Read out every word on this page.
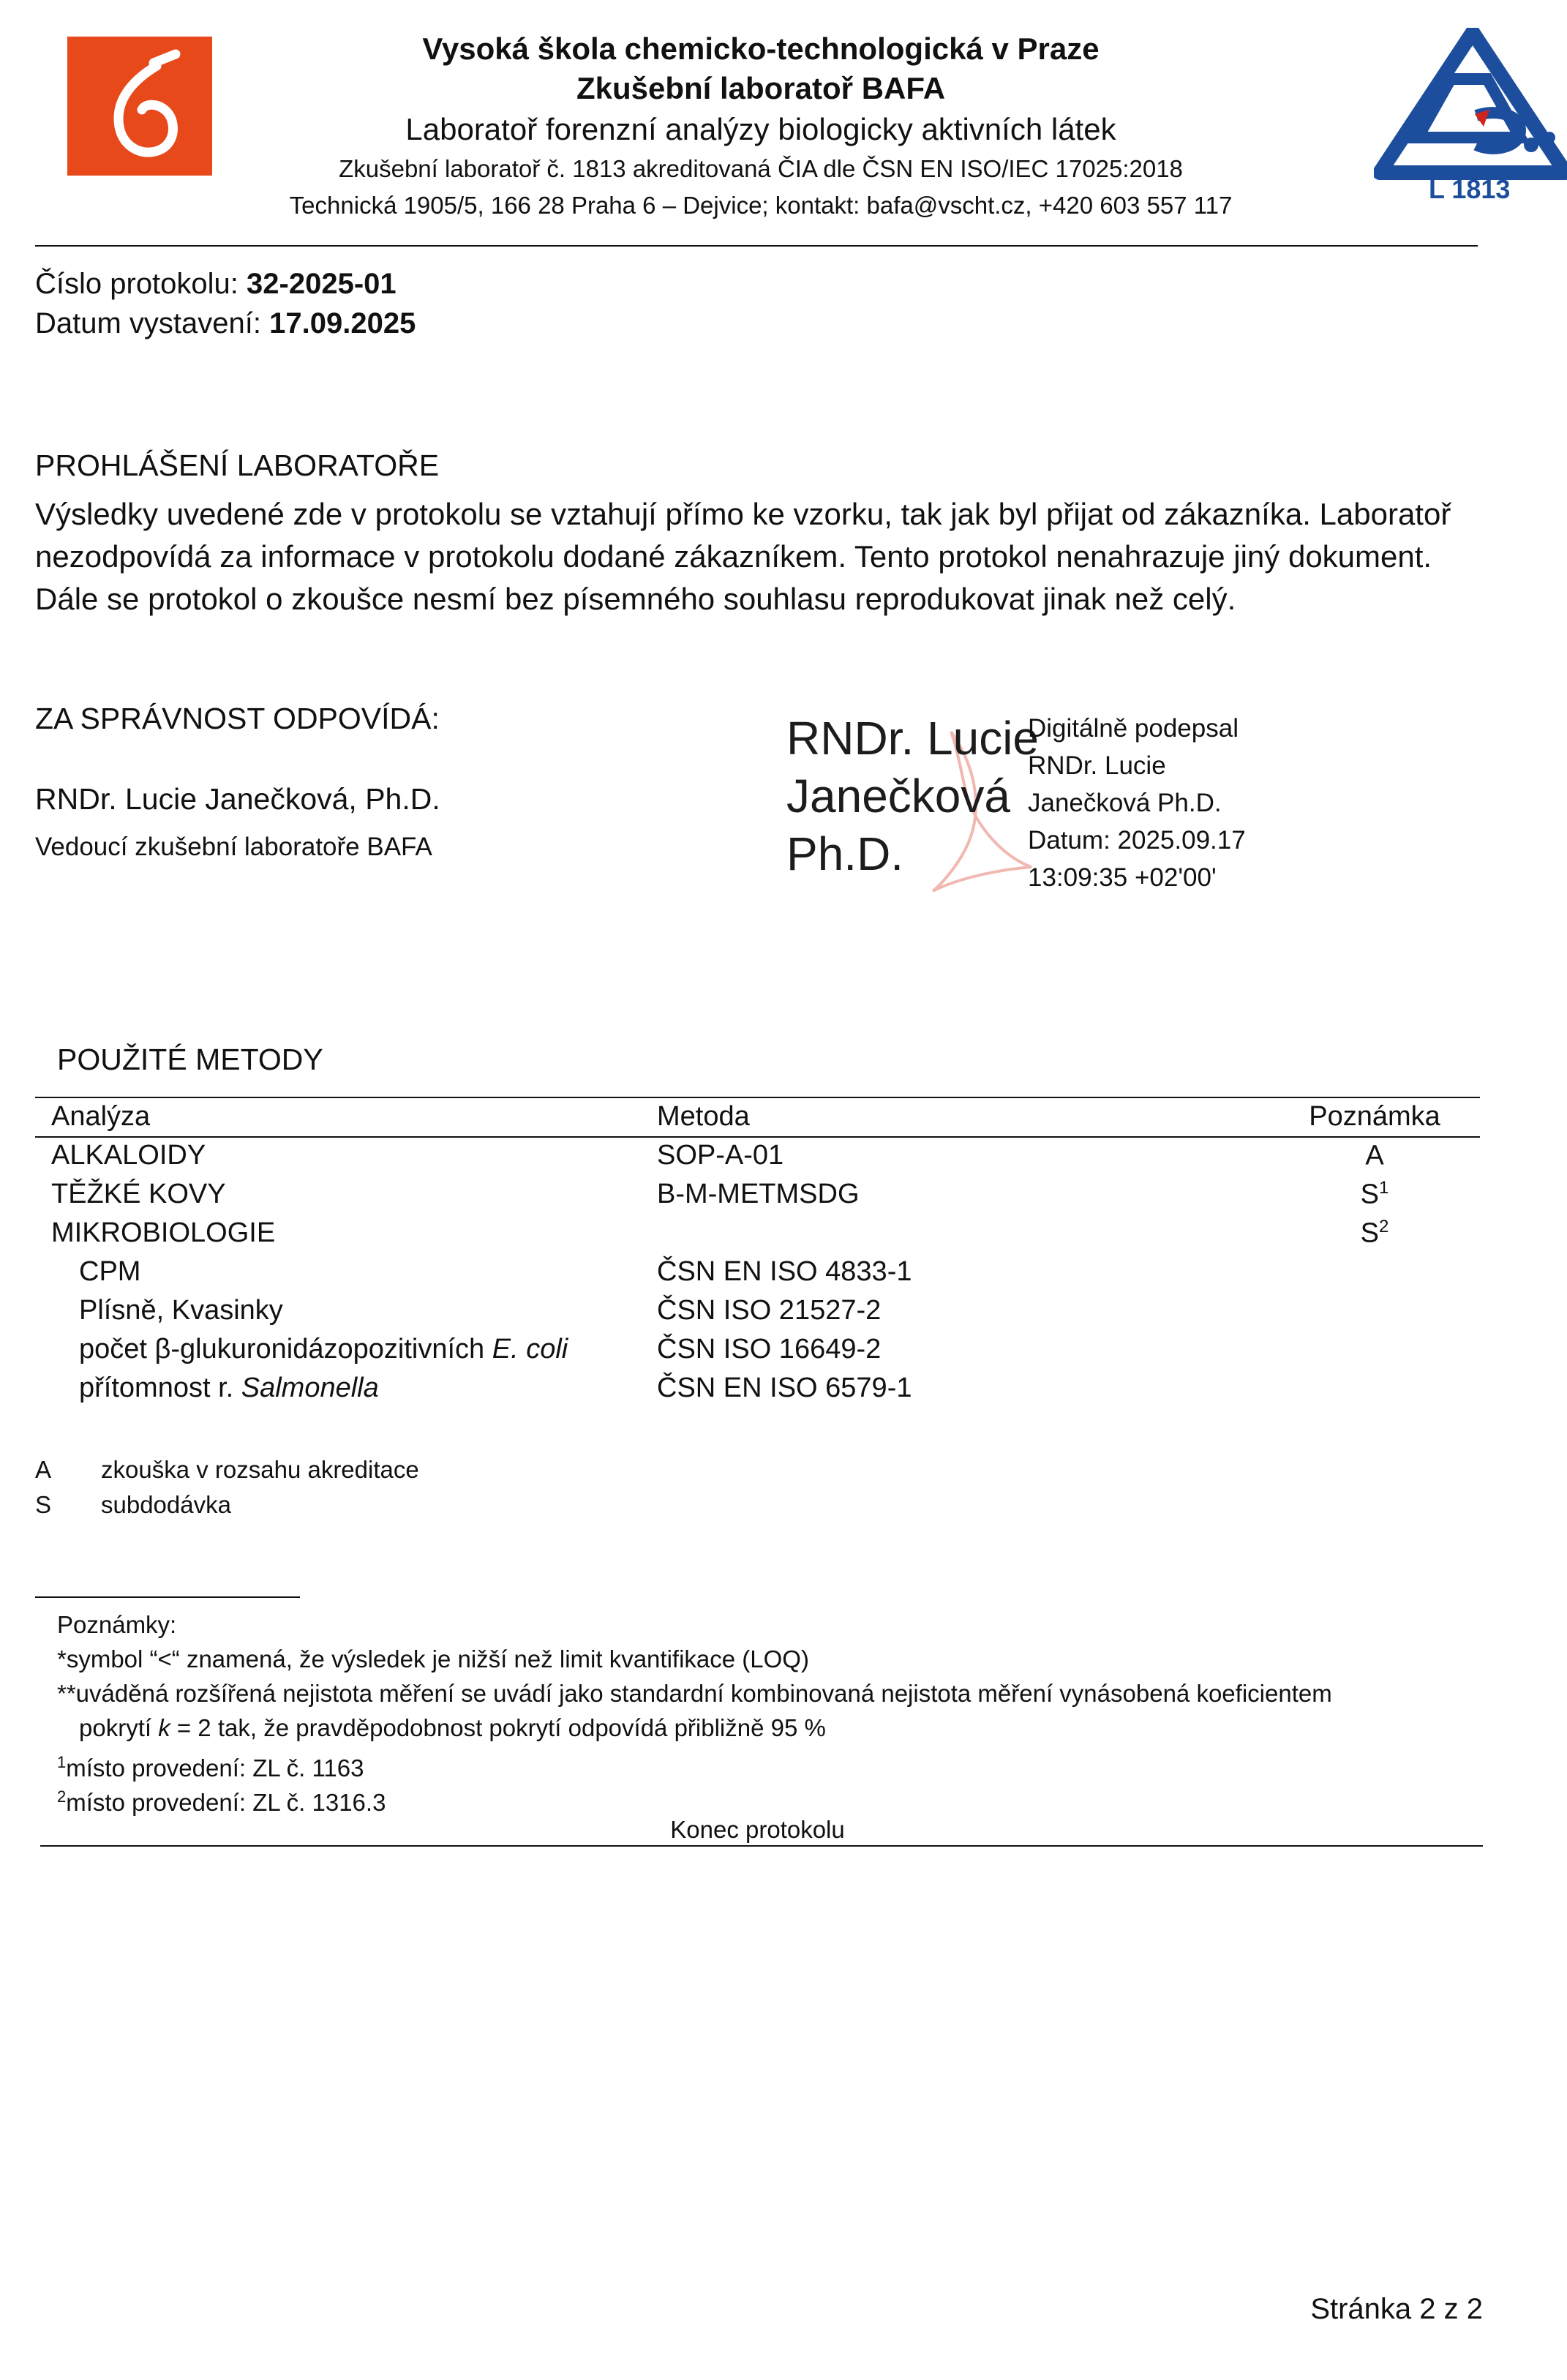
Vysoká škola chemicko-technologická v Praze
Zkušební laboratoř BAFA
Laboratoř forenzní analýzy biologicky aktivních látek
Zkušební laboratoř č. 1813 akreditovaná ČIA dle ČSN EN ISO/IEC 17025:2018
Technická 1905/5, 166 28 Praha 6 – Dejvice; kontakt: bafa@vscht.cz, +420 603 557 117
L 1813
Číslo protokolu: 32-2025-01
Datum vystavení: 17.09.2025
PROHLÁŠENÍ LABORATOŘE
Výsledky uvedené zde v protokolu se vztahují přímo ke vzorku, tak jak byl přijat od zákazníka. Laboratoř nezodpovídá za informace v protokolu dodané zákazníkem. Tento protokol nenahrazuje jiný dokument. Dále se protokol o zkoušce nesmí bez písemného souhlasu reprodukovat jinak než celý.
ZA SPRÁVNOST ODPOVÍDÁ:
RNDr. Lucie Janečková, Ph.D.
Vedoucí zkušební laboratoře BAFA
RNDr. Lucie
Janečková
Ph.D.
Digitálně podepsal
RNDr. Lucie
Janečková Ph.D.
Datum: 2025.09.17
13:09:35 +02'00'
POUŽITÉ METODY
Analýza	Metoda	Poznámka
ALKALOIDY	SOP-A-01	A
TĚŽKÉ KOVY	B-M-METMSDG	$S^1$
MIKROBIOLOGIE		$S^2$
CPM	ČSN EN ISO 4833-1	
Plísně, Kvasinky	ČSN ISO 21527-2	
počet β-glukuronidázopozitivních E. coli	ČSN ISO 16649-2	
přítomnost r. Salmonella	ČSN EN ISO 6579-1	
A zkouška v rozsahu akreditace
S subdodávka
Poznámky:
*symbol “<“ znamená, že výsledek je nižší než limit kvantifikace (LOQ)
**uváděná rozšířená nejistota měření se uvádí jako standardní kombinovaná nejistota měření vynásobená koeficientem
pokrytí k = 2 tak, že pravděpodobnost pokrytí odpovídá přibližně 95 %
$^1$místo provedení: ZL č. 1163
$^2$místo provedení: ZL č. 1316.3
Konec protokolu
Stránka 2 z 2
